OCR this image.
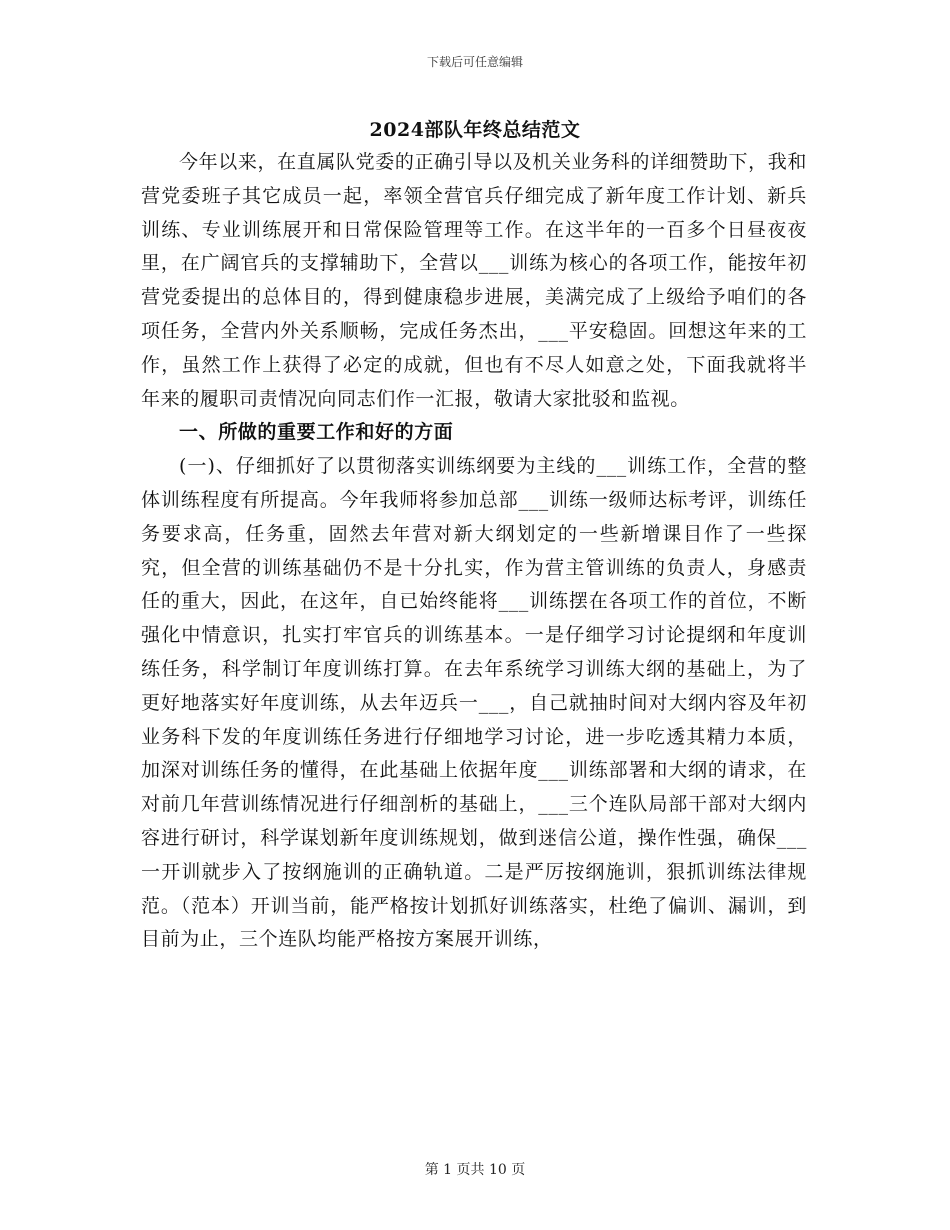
下载后可任意编辑
2024部队年终总结范文

今年以来，在直属队党委的正确引导以及机关业务科的详细赞助下，我和营党委班子其它成员一起，率领全营官兵仔细完成了新年度工作计划、新兵训练、专业训练展开和日常保险管理等工作。在这半年的一百多个日昼夜夜里，在广阔官兵的支撑辅助下，全营以___训练为核心的各项工作，能按年初营党委提出的总体目的，得到健康稳步进展，美满完成了上级给予咱们的各项任务，全营内外关系顺畅，完成任务杰出，___平安稳固。回想这年来的工作，虽然工作上获得了必定的成就，但也有不尽人如意之处，下面我就将半年来的履职司责情况向同志们作一汇报，敬请大家批驳和监视。

一、所做的重要工作和好的方面

(一)、仔细抓好了以贯彻落实训练纲要为主线的___训练工作，全营的整体训练程度有所提高。今年我师将参加总部___训练一级师达标考评，训练任务要求高，任务重，固然去年营对新大纲划定的一些新增课目作了一些探究，但全营的训练基础仍不是十分扎实，作为营主管训练的负责人，身感责任的重大，因此，在这年，自已始终能将___训练摆在各项工作的首位，不断强化中情意识，扎实打牢官兵的训练基本。一是仔细学习讨论提纲和年度训练任务，科学制订年度训练打算。在去年系统学习训练大纲的基础上，为了更好地落实好年度训练，从去年迈兵一___，自己就抽时间对大纲内容及年初业务科下发的年度训练任务进行仔细地学习讨论，进一步吃透其精力本质，加深对训练任务的懂得，在此基础上依据年度___训练部署和大纲的请求，在对前几年营训练情况进行仔细剖析的基础上，___三个连队局部干部对大纲内容进行研讨，科学谋划新年度训练规划，做到迷信公道，操作性强，确保___一开训就步入了按纲施训的正确轨道。二是严厉按纲施训，狠抓训练法律规范。（范本）开训当前，能严格按计划抓好训练落实，杜绝了偏训、漏训，到目前为止，三个连队均能严格按方案展开训练，

第 1 页共 10 页
